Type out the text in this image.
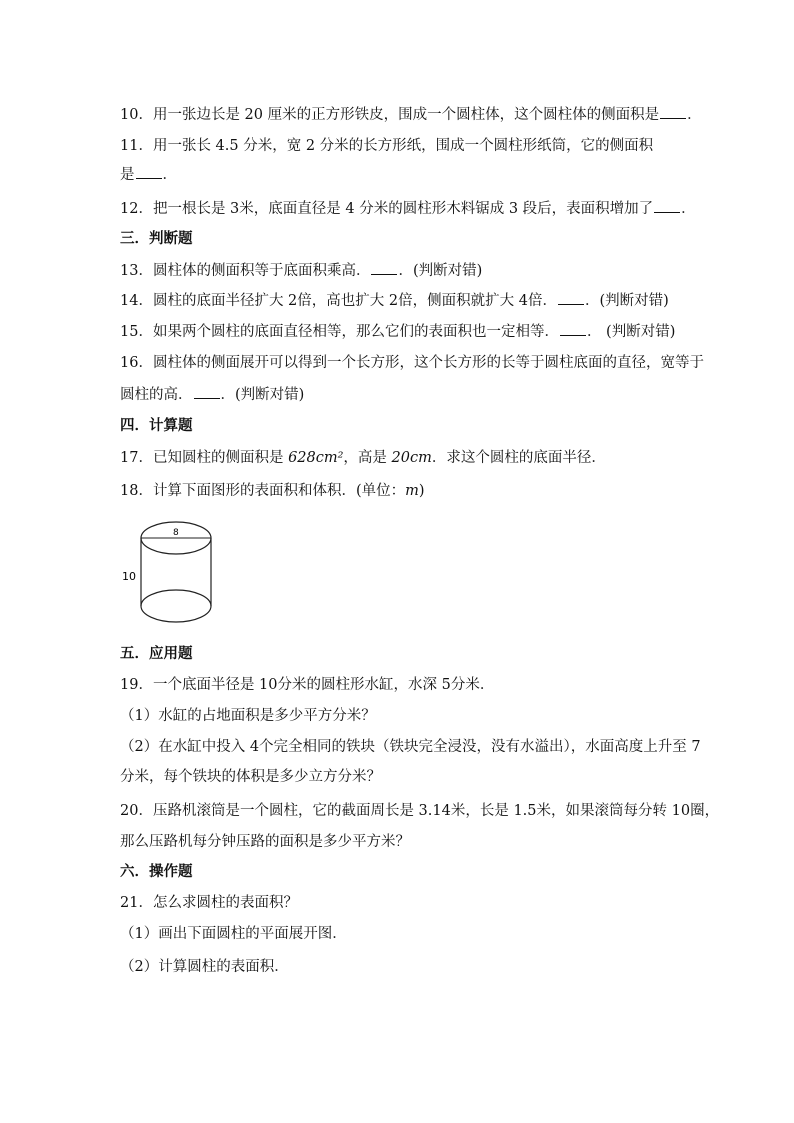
10．用一张边长是 20 厘米的正方形铁皮，围成一个圆柱体，这个圆柱体的侧面积是 ．
11．用一张长 4.5 分米，宽 2 分米的长方形纸，围成一个圆柱形纸筒，它的侧面积
是 ．
12．把一根长是 3米，底面直径是 4 分米的圆柱形木料锯成 3 段后，表面积增加了 ．
三．判断题
13．圆柱体的侧面积等于底面积乘高． ．(判断对错)
14．圆柱的底面半径扩大 2倍，高也扩大 2倍，侧面积就扩大 4倍． ．(判断对错)
15．如果两个圆柱的底面直径相等，那么它们的表面积也一定相等． ． (判断对错)
16．圆柱体的侧面展开可以得到一个长方形，这个长方形的长等于圆柱底面的直径，宽等于
圆柱的高． ．(判断对错)
四．计算题
17．已知圆柱的侧面积是 628cm²，高是 20cm．求这个圆柱的底面半径．
18．计算下面图形的表面积和体积．(单位：m)
8
10
五．应用题
19．一个底面半径是 10分米的圆柱形水缸，水深 5分米．
（1）水缸的占地面积是多少平方分米？
（2）在水缸中投入 4个完全相同的铁块（铁块完全浸没，没有水溢出），水面高度上升至 7
分米，每个铁块的体积是多少立方分米？
20．压路机滚筒是一个圆柱，它的截面周长是 3.14米，长是 1.5米，如果滚筒每分转 10圈，
那么压路机每分钟压路的面积是多少平方米？
六．操作题
21．怎么求圆柱的表面积？
（1）画出下面圆柱的平面展开图．
（2）计算圆柱的表面积．
